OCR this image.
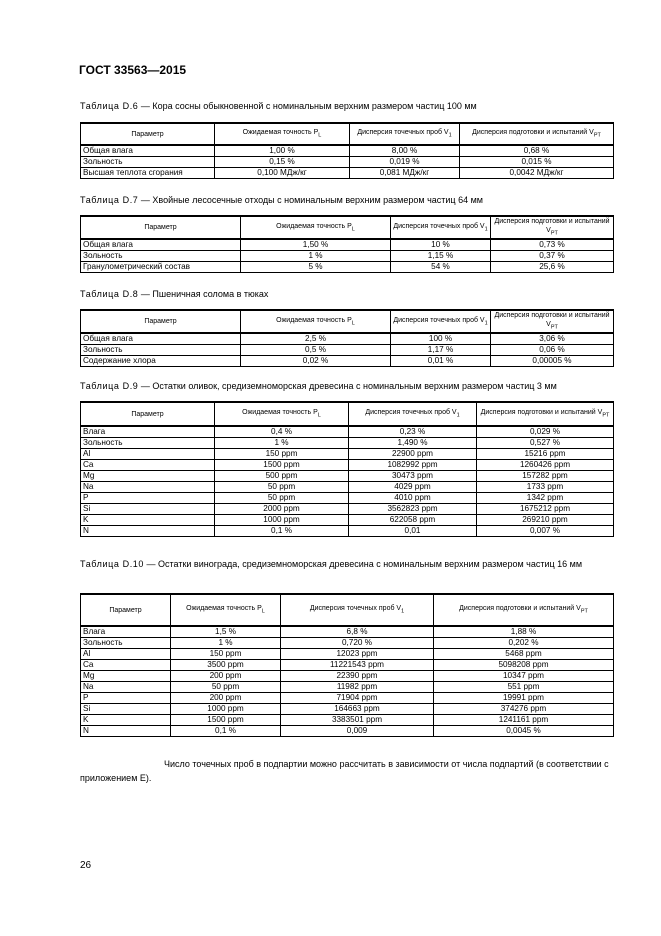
ГОСТ 33563—2015
Таблица D.6 — Кора сосны обыкновенной с номинальным верхним размером частиц 100 мм
Параметр	Ожидаемая точность $P_L$	Дисперсия точечных проб $V_1$	Дисперсия подготовки и испытаний $V_{PT}$
Общая влага	1,00 %	8,00 %	0,68 %
Зольность	0,15 %	0,019 %	0,015 %
Высшая теплота сгорания	0,100 МДж/кг	0,081 МДж/кг	0,0042 МДж/кг
Таблица D.7 — Хвойные лесосечные отходы с номинальным верхним размером частиц 64 мм
Параметр	Ожидаемая точность $P_L$	Дисперсия точечных проб $V_1$	Дисперсия подготовки и испытаний $V_{PT}$
Общая влага	1,50 %	10 %	0,73 %
Зольность	1 %	1,15 %	0,37 %
Гранулометрический состав	5 %	54 %	25,6 %
Таблица D.8 — Пшеничная солома в тюках
Параметр	Ожидаемая точность $P_L$	Дисперсия точечных проб $V_1$	Дисперсия подготовки и испытаний $V_{PT}$
Общая влага	2,5 %	100 %	3,06 %
Зольность	0,5 %	1,17 %	0,06 %
Содержание хлора	0,02 %	0,01 %	0,00005 %
Таблица D.9 — Остатки оливок, средиземноморская древесина с номинальным верхним размером частиц 3 мм
Параметр	Ожидаемая точность $P_L$	Дисперсия точечных проб $V_1$	Дисперсия подготовки и испытаний $V_{PT}$
Влага	0,4 %	0,23 %	0,029 %
Зольность	1 %	1,490 %	0,527 %
Al	150 ppm	22900 ppm	15216 ppm
Ca	1500 ppm	1082992 ppm	1260426 ppm
Mg	500 ppm	30473 ppm	157282 ppm
Na	50 ppm	4029 ppm	1733 ppm
P	50 ppm	4010 ppm	1342 ppm
Si	2000 ppm	3562823 ppm	1675212 ppm
K	1000 ppm	622058 ppm	269210 ppm
N	0,1 %	0,01	0,007 %
Таблица D.10 — Остатки винограда, средиземноморская древесина с номинальным верхним размером частиц 16 мм
Параметр	Ожидаемая точность $P_L$	Дисперсия точечных проб $V_1$	Дисперсия подготовки и испытаний $V_{PT}$
Влага	1,5 %	6,8 %	1,88 %
Зольность	1 %	0,720 %	0,202 %
Al	150 ppm	12023 ppm	5468 ppm
Ca	3500 ppm	11221543 ppm	5098208 ppm
Mg	200 ppm	22390 ppm	10347 ppm
Na	50 ppm	11982 ppm	551 ppm
P	200 ppm	71904 ppm	19991 ppm
Si	1000 ppm	164663 ppm	374276 ppm
K	1500 ppm	3383501 ppm	1241161 ppm
N	0,1 %	0,009	0,0045 %
Число точечных проб в подпартии можно рассчитать в зависимости от числа подпартий (в соответствии с приложением E).
26
